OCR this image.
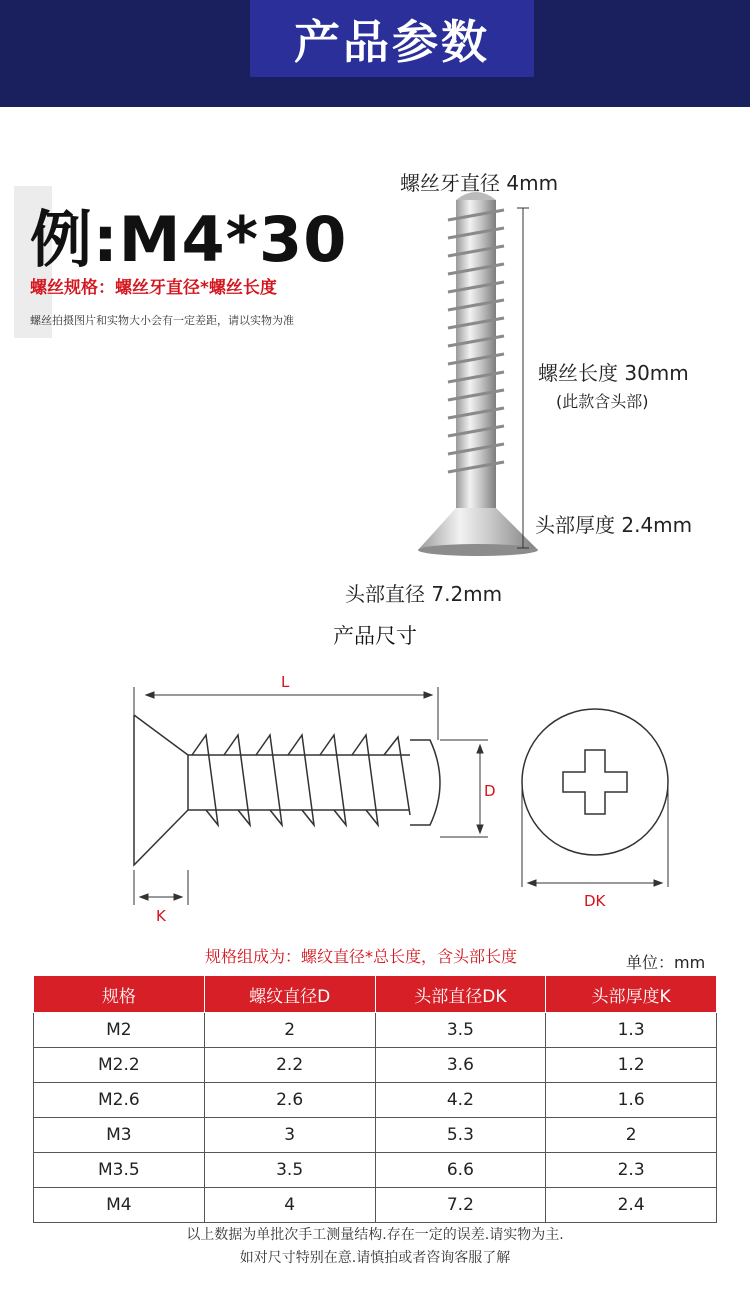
产品参数
例:M4*30
螺丝规格：螺丝牙直径*螺丝长度
螺丝拍摄图片和实物大小会有一定差距，请以实物为准
螺丝牙直径 4mm
螺丝长度 30mm
(此款含头部)
头部厚度 2.4mm
头部直径 7.2mm
产品尺寸
L
D
K
DK
规格组成为：螺纹直径*总长度，含头部长度	单位：mm
规格	螺纹直径D	头部直径DK	头部厚度K
M2	2	3.5	1.3
M2.2	2.2	3.6	1.2
M2.6	2.6	4.2	1.6
M3	3	5.3	2
M3.5	3.5	6.6	2.3
M4	4	7.2	2.4
以上数据为单批次手工测量结构.存在一定的误差.请实物为主.
如对尺寸特别在意.请慎拍或者咨询客服了解
